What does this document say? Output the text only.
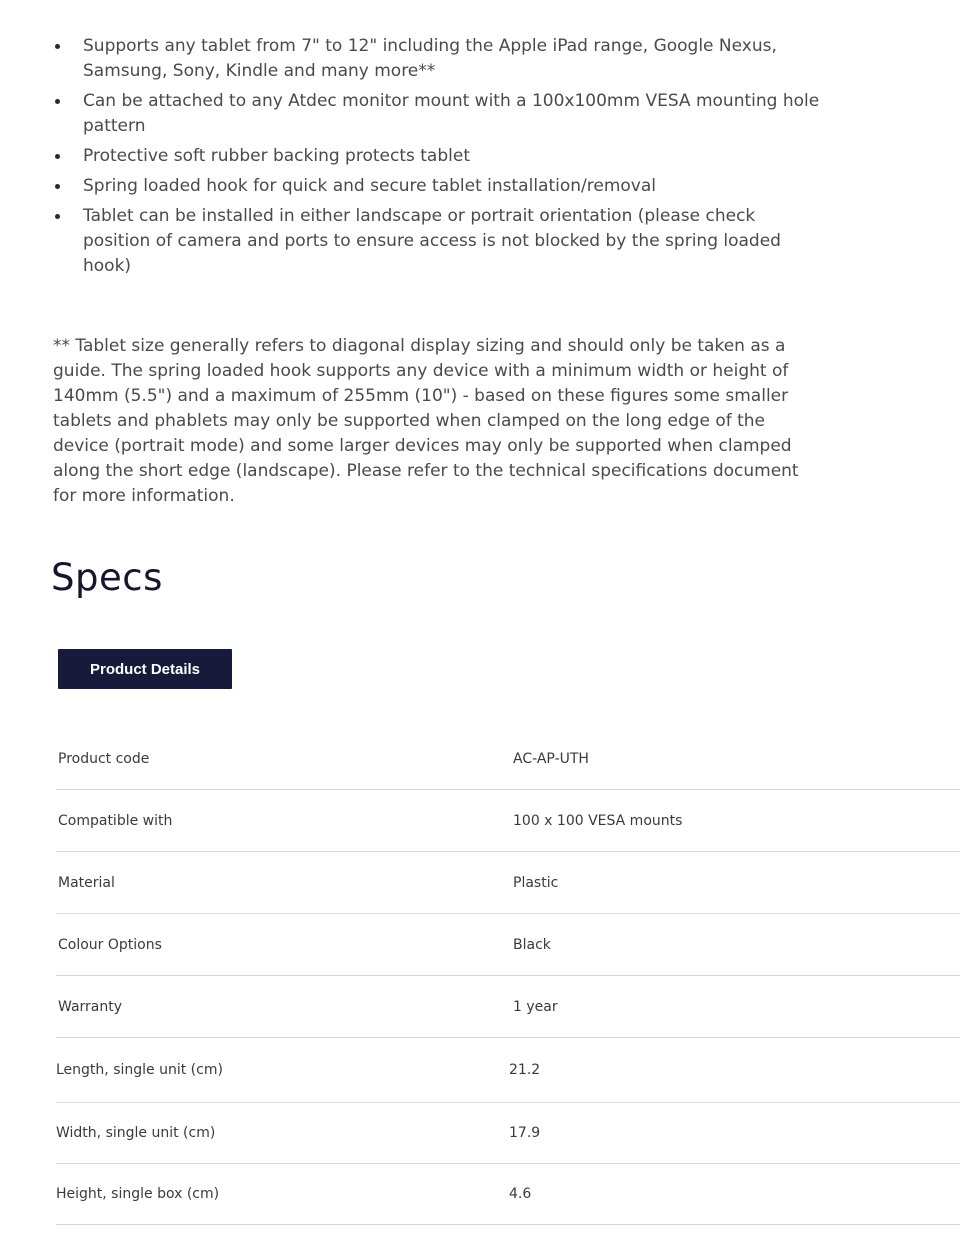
Supports any tablet from 7" to 12" including the Apple iPad range, Google Nexus, Samsung, Sony, Kindle and many more**
Can be attached to any Atdec monitor mount with a 100x100mm VESA mounting hole pattern
Protective soft rubber backing protects tablet
Spring loaded hook for quick and secure tablet installation/removal
Tablet can be installed in either landscape or portrait orientation (please check position of camera and ports to ensure access is not blocked by the spring loaded hook)

** Tablet size generally refers to diagonal display sizing and should only be taken as a guide. The spring loaded hook supports any device with a minimum width or height of 140mm (5.5") and a maximum of 255mm (10") - based on these figures some smaller tablets and phablets may only be supported when clamped on the long edge of the device (portrait mode) and some larger devices may only be supported when clamped along the short edge (landscape). Please refer to the technical specifications document for more information.

Specs
Product Details
Product code	AC-AP-UTH
Compatible with	100 x 100 VESA mounts
Material	Plastic
Colour Options	Black
Warranty	1 year
Length, single unit (cm)	21.2
Width, single unit (cm)	17.9
Height, single box (cm)	4.6
